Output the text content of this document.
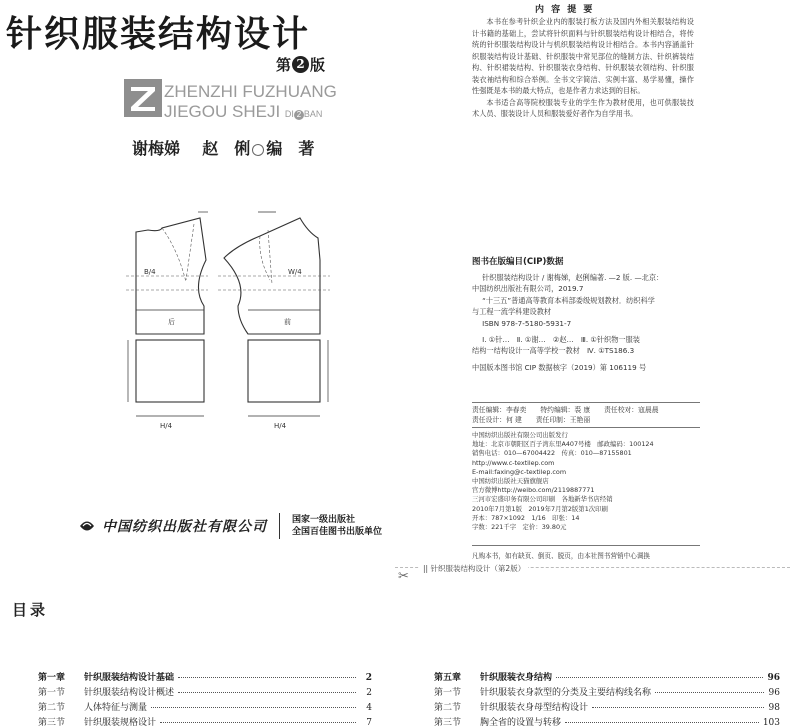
针织服装结构设计
第 2 版
ZHENZHI FUZHUANG
JIEGOU SHEJI DI 2 BAN
谢梅娣 赵　俐 编　著
后	前
H/4	H/4
B/4	W/4
中国纺织出版社有限公司	国家一级出版社
全国百佳图书出版单位
内 容 提 要

本书在参考针织企业内的服装打板方法及国内外相关服装结构设计书籍的基础上，尝试将针织面料与针织服装结构设计相结合，将传统的针织服装结构设计与机织服装结构设计相结合。本书内容涵盖针织服装结构设计基础、针织服装中常见部位的缝制方法、针织裤装结构、针织裙装结构、针织服装衣身结构、针织服装衣领结构、针织服装衣袖结构和综合举例。全书文字简洁、实例丰富、易学易懂，操作性强既是本书的最大特点，也是作者力求达到的目标。

本书适合高等院校服装专业的学生作为教材使用，也可供服装技术人员、服装设计人员和服装爱好者作为自学用书。

图书在版编目(CIP)数据

针织服装结构设计 / 谢梅娣，赵俐编著. —2 版. —北京：

中国纺织出版社有限公司，2019.7

“十三五”普通高等教育本科部委级规划教材．纺织科学

与工程一流学科建设教材

ISBN 978-7-5180-5931-7

Ⅰ. ①针…　Ⅱ. ①谢…　②赵…　Ⅲ. ①针织物一服装

结构一结构设计一高等学校一教材　Ⅳ. ①TS186.3

中国版本图书馆 CIP 数据核字（2019）第 106119 号

责任编辑：李春奕 特约编辑：裘 康 责任校对：寇晨晨
责任设计：何 建 责任印制：王艳丽

中国纺织出版社有限公司出版发行

地址：北京市朝阳区百子湾东里A407号楼　邮政编码：100124

销售电话：010—67004422　传真：010—87155801

http://www.c-textilep.com

E-mail:faxing@c-textilep.com

中国纺织出版社天猫旗舰店

官方微博http://weibo.com/2119887771

三河市宏盛印务有限公司印刷　各地新华书店经销

2010年7月第1版　2019年7月第2版第1次印刷

开本：787×1092　1/16　印张：14

字数：221千字　定价：39.80元

凡购本书，如有缺页、倒页、脱页，由本社图书营销中心调换
✂
|| 针织服装结构设计（第2版）
目录
第一章	针织服装结构设计基础	2
第一节	针织服装结构设计概述	2
第二节	人体特征与测量	4
第三节	针织服装规格设计	7
第五章	针织服装衣身结构	96
第一节	针织服装衣身款型的分类及主要结构线名称	96
第二节	针织服装衣身母型结构设计	98
第三节	胸全省的设置与转移	103
